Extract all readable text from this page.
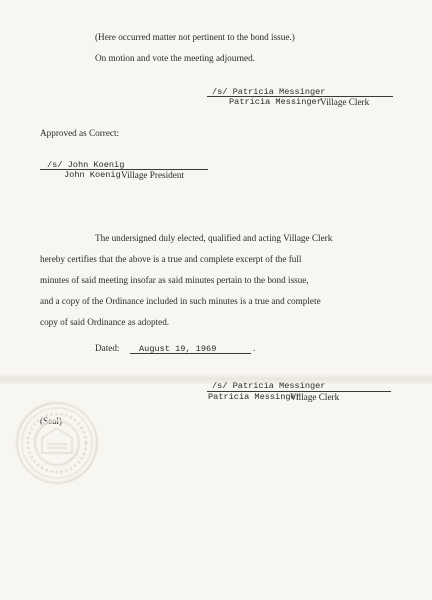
(Here occurred matter not pertinent to the bond issue.)
On motion and vote the meeting adjourned.
/s/ Patricia Messinger
Patricia Messinger
Village Clerk
Approved as Correct:
/s/ John Koenig
John Koenig Village President
The undersigned duly elected, qualified and acting Village Clerk
hereby certifies that the above is a true and complete excerpt of the full
minutes of said meeting insofar as said minutes pertain to the bond issue,
and a copy of the Ordinance included in such minutes is a true and complete
copy of said Ordinance as adopted.
Dated: August 19, 1969	.
/s/ Patricia Messinger
Patricia Messinger
Village Clerk
(Seal)
